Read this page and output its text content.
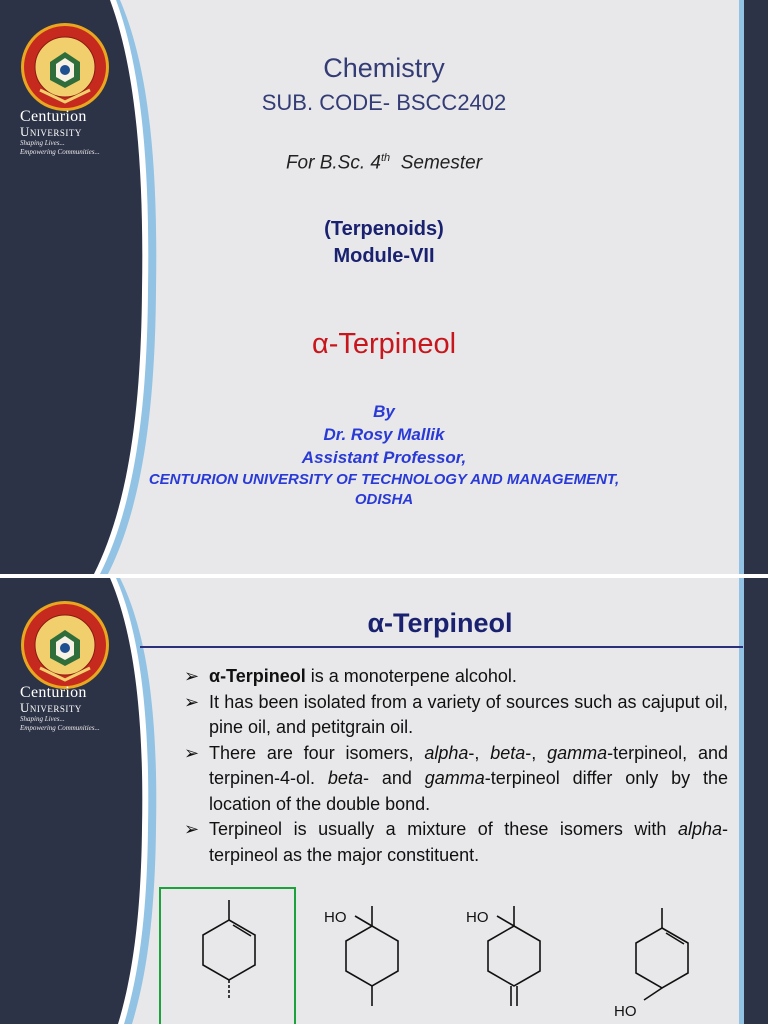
Centurion
University
Shaping Lives...
Empowering Communities...
Chemistry
SUB. CODE- BSCC2402
For B.Sc. 4th Semester
(Terpenoids)
Module-VII
α-Terpineol
By
Dr. Rosy Mallik
Assistant Professor,
CENTURION UNIVERSITY OF TECHNOLOGY AND MANAGEMENT,
ODISHA
Centurion
University
Shaping Lives...
Empowering Communities...
α-Terpineol
➢ α-Terpineol is a monoterpene alcohol.
➢ It has been isolated from a variety of sources such as cajuput oil, pine oil, and petitgrain oil.
➢ There are four isomers, alpha-, beta-, gamma-terpineol, and terpinen-4-ol. beta- and gamma-terpineol differ only by the location of the double bond.
➢ Terpineol is usually a mixture of these isomers with alpha-terpineol as the major constituent.
HO	HO
HO
